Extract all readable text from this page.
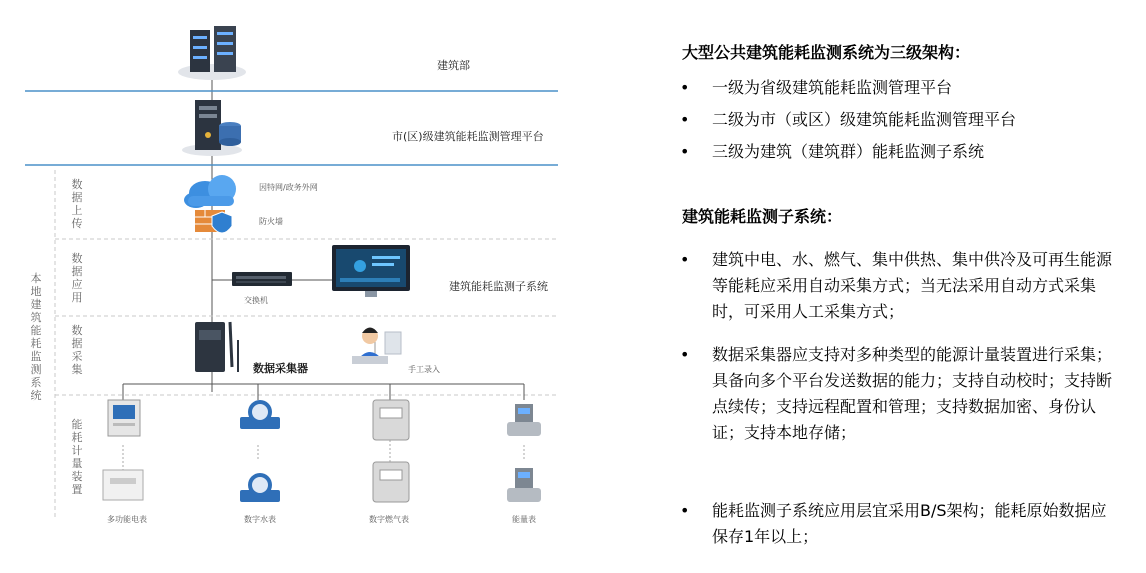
建筑部
市(区)级建筑能耗监测管理平台
因特网/政务外网
防火墙
交换机
建筑能耗监测子系统
数据采集器	手工录入
多功能电表	数字水表	数字燃气表	能量表
本地建筑能耗监测系统
数据上传
数据应用
数据采集
能耗计量装置
大型公共建筑能耗监测系统为三级架构：
•	一级为省级建筑能耗监测管理平台
•	二级为市（或区）级建筑能耗监测管理平台
•	三级为建筑（建筑群）能耗监测子系统
建筑能耗监测子系统：
•	建筑中电、水、燃气、集中供热、集中供冷及可再生能源等能耗应采用自动采集方式；当无法采用自动方式采集时，可采用人工采集方式；
•	数据采集器应支持对多种类型的能源计量装置进行采集；具备向多个平台发送数据的能力；支持自动校时；支持断点续传；支持远程配置和管理；支持数据加密、身份认证；支持本地存储；
•	能耗监测子系统应用层宜采用B/S架构；能耗原始数据应保存1年以上；
